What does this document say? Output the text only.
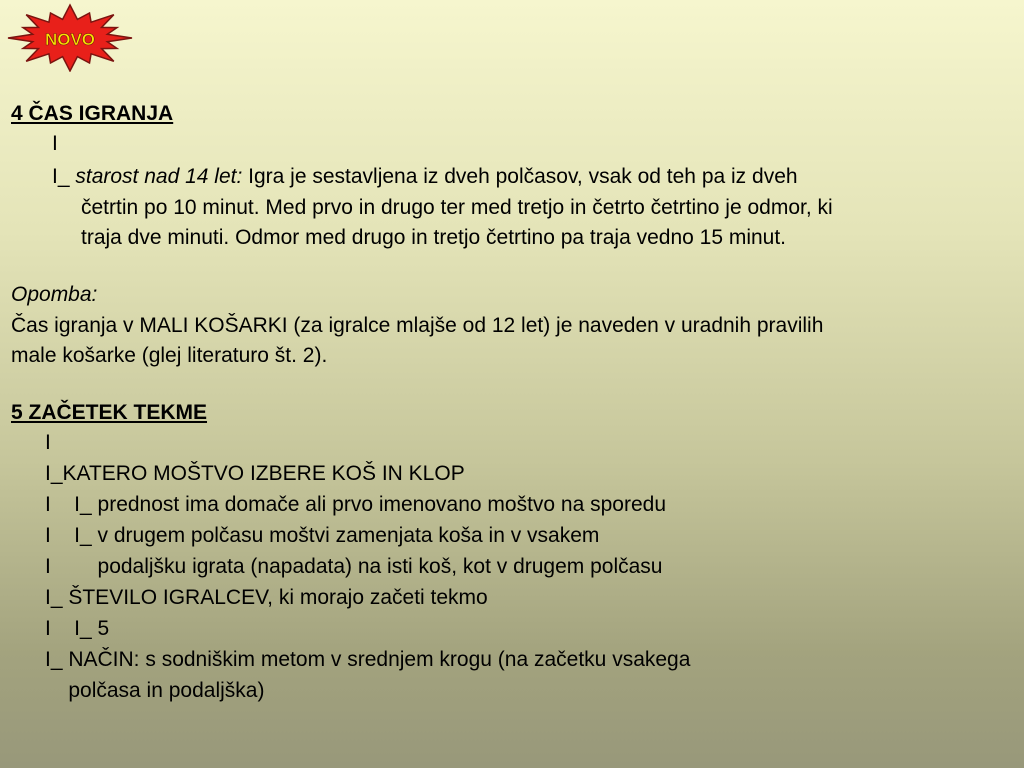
NOVO
4 ČAS IGRANJA
I
I_ starost nad 14 let: Igra je sestavljena iz dveh polčasov, vsak od teh pa iz dveh
četrtin po 10 minut. Med prvo in drugo ter med tretjo in četrto četrtino je odmor, ki
traja dve minuti. Odmor med drugo in tretjo četrtino pa traja vedno 15 minut.
Opomba:
Čas igranja v MALI KOŠARKI (za igralce mlajše od 12 let) je naveden v uradnih pravilih
male košarke (glej literaturo št. 2).
5 ZAČETEK TEKME
I
I_KATERO MOŠTVO IZBERE KOŠ IN KLOP
I    I_ prednost ima domače ali prvo imenovano moštvo na sporedu
I    I_ v drugem polčasu moštvi zamenjata koša in v vsakem
I        podaljšku igrata (napadata) na isti koš, kot v drugem polčasu
I_ ŠTEVILO IGRALCEV, ki morajo začeti tekmo
I    I_ 5
I_ NAČIN: s sodniškim metom v srednjem krogu (na začetku vsakega
polčasa in podaljška)
